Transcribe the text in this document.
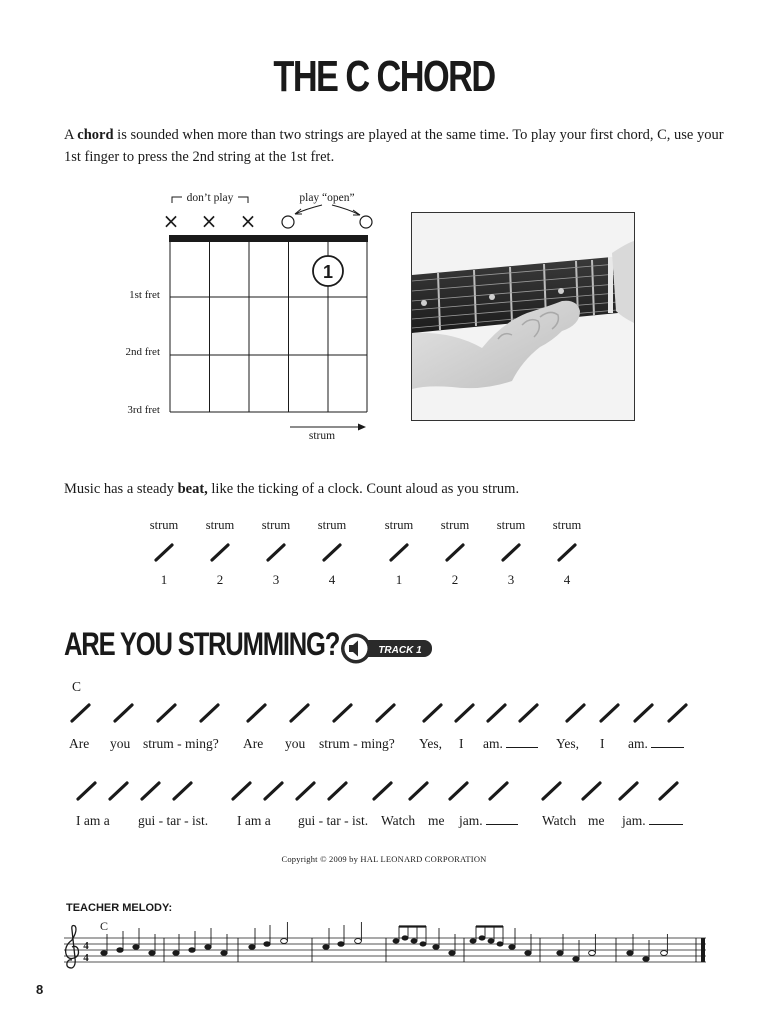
THE C CHORD
A chord is sounded when more than two strings are played at the same time. To play your first chord, C, use your 1st finger to press the 2nd string at the 1st fret.
don’t play	play “open”
× × ×
1
1st fret
2nd fret
3rd fret
strum
Music has a steady beat, like the ticking of a clock. Count aloud as you strum.
strum	strum	strum	strum	strum	strum	strum	strum
1	2	3	4	1	2	3	4
ARE YOU STRUMMING?	TRACK 1
C
Are you strum - ming? Are you strum - ming? Yes, I am.	Yes, I am.
I am a gui - tar - ist. I am a gui - tar - ist. Watch me jam.	Watch me jam.
Copyright © 2009 by HAL LEONARD CORPORATION
TEACHER MELODY:
C
4
4
8
